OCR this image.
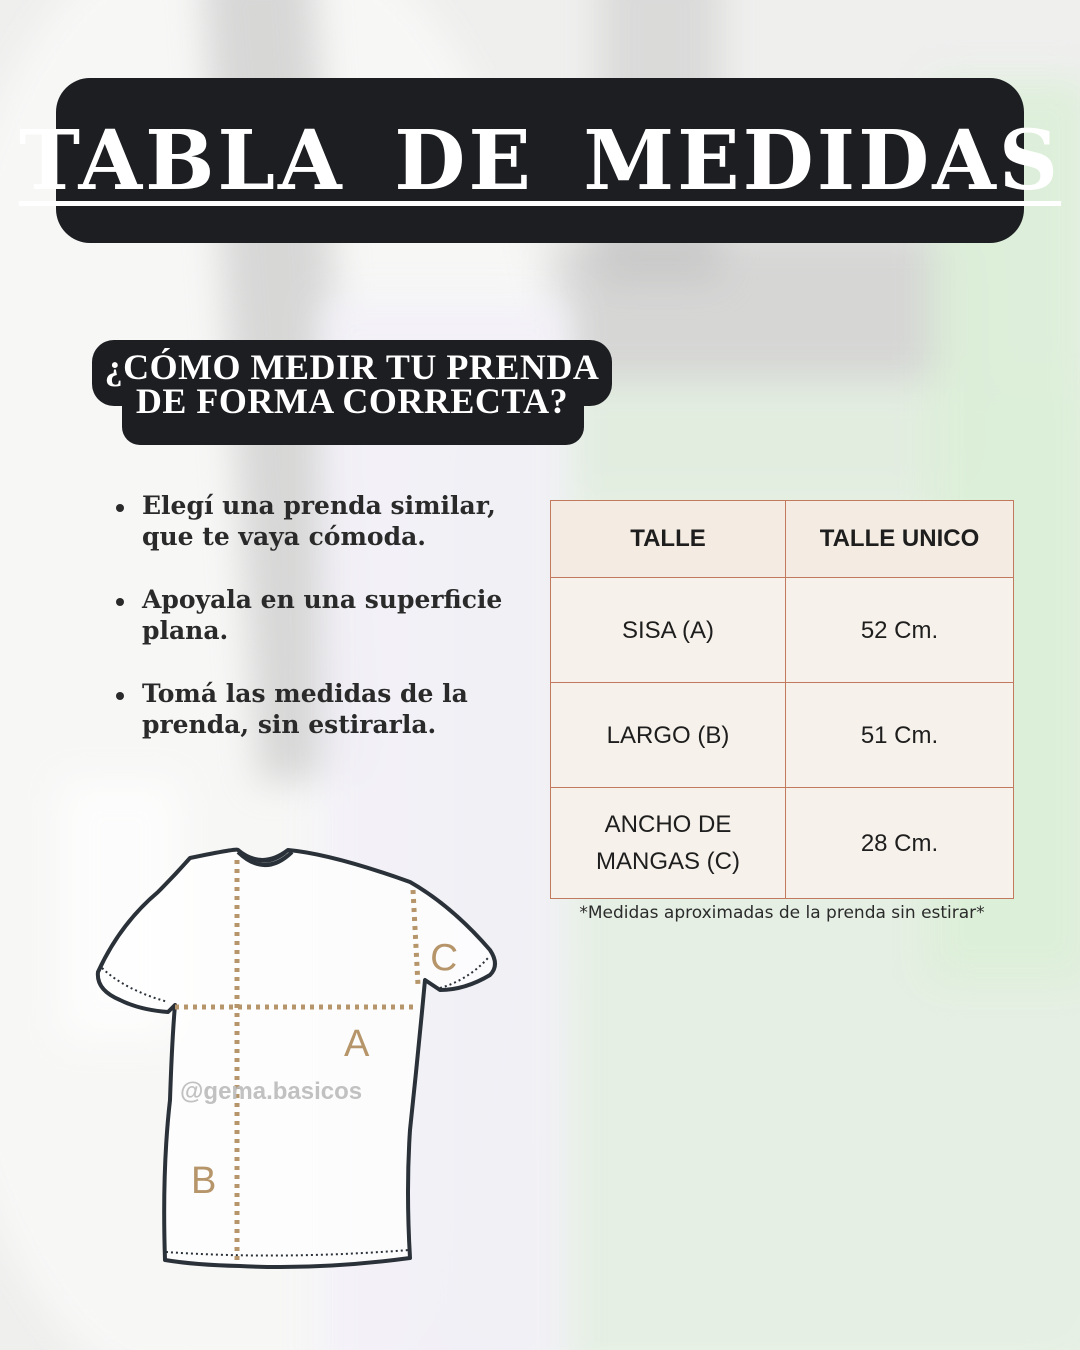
TABLA DE MEDIDAS
¿CÓMO MEDIR TU PRENDA
DE FORMA CORRECTA?
Elegí una prenda similar, que te vaya cómoda.
Apoyala en una superficie plana.
Tomá las medidas de la prenda, sin estirarla.
TALLE	TALLE UNICO
SISA (A)	52 Cm.
LARGO (B)	51 Cm.
ANCHO DE
MANGAS (C)	28 Cm.
*Medidas aproximadas de la prenda sin estirar*
C
A
B
@gema.basicos
